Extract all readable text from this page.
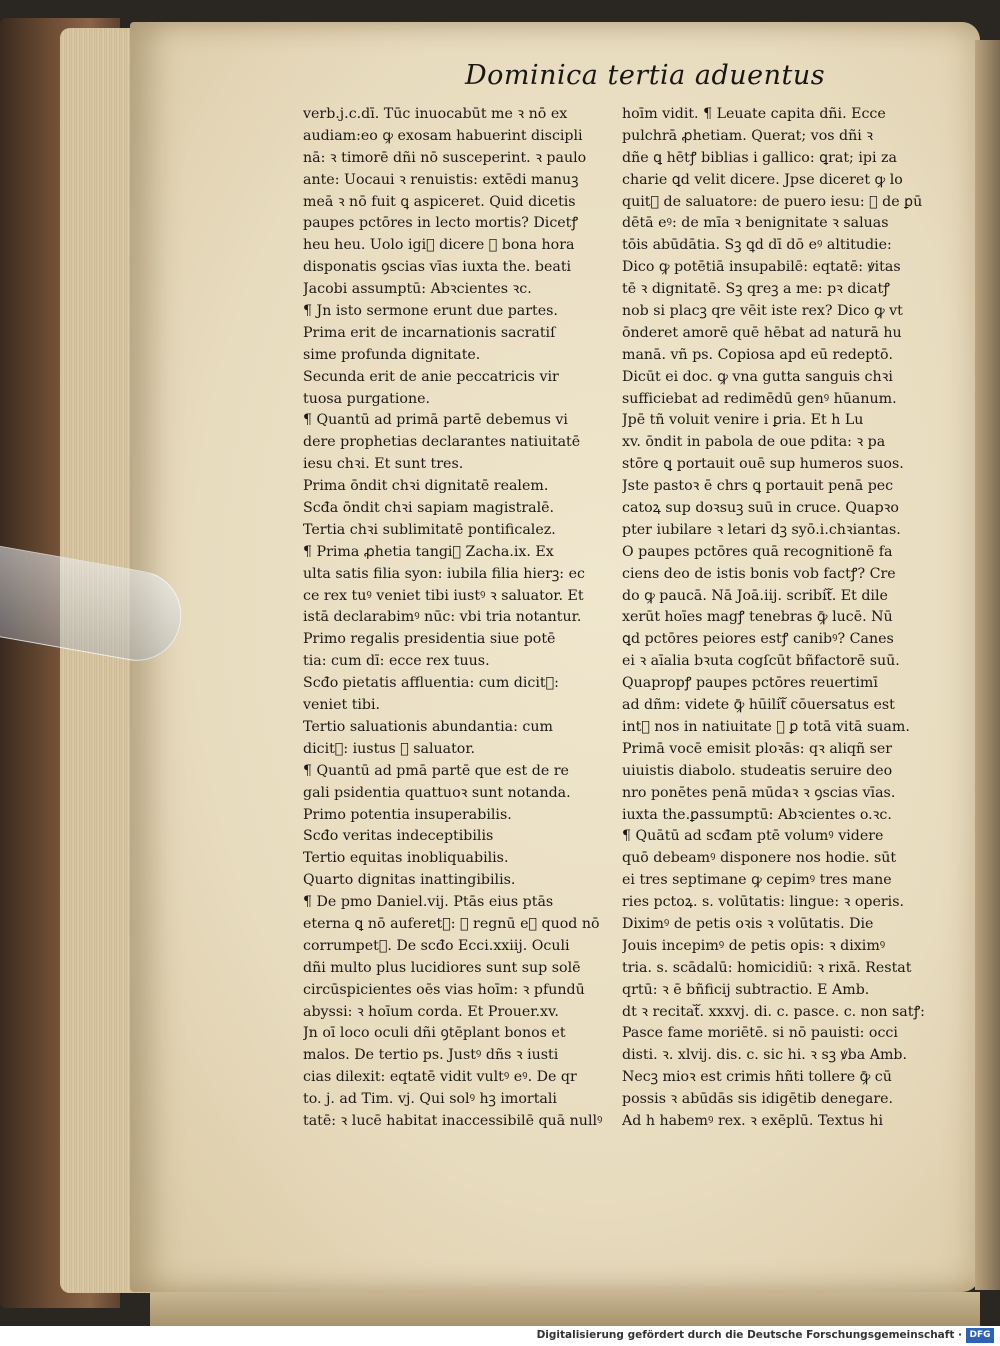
Dominica tertia aduentus
verb.j.c.dī. Tūc inuocabūt me ꝛ nō ex
audiam:eo ꝙ exosam habuerint discipli
nā: ꝛ timorē dñi nō susceperint. ꝛ paulo
ante: Uocaui ꝛ renuistis: extēdi manuꝫ
meā ꝛ nō fuit ꝗ aspiceret. Quid dicetis
paupes pctōres in lecto mortis? Dicetꝭ
heu heu. Uolo igiᷓ dicere ꝙ bona hora
disponatis ꝯscias vīas iuxta the. beati
Jacobi assumptū: Abꝛcientes ꝛc.
¶ Jn isto sermone erunt due partes.
Prima erit de incarnationis sacratiſ
sime profunda dignitate.
Secunda erit de anie peccatricis vir
tuosa purgatione.
¶ Quantū ad primā partē debemus vi
dere prophetias declarantes natiuitatē
iesu chꝛi. Et sunt tres.
Prima ōndit chꝛi dignitatē realem.
Scđa ōndit chꝛi sapiam magistralē.
Tertia chꝛi sublimitatē pontificalez.
¶ Prima ꝓhetia tangiᷓ Zacha.ix. Ex
ulta satis filia syon: iubila filia hierꝫ: ec
ce rex tuꝰ veniet tibi iustꝰ ꝛ saluator. Et
istā declarabimꝰ nūc: vbi tria notantur.
Primo regalis presidentia siue potē
tia: cum dī: ecce rex tuus.
Scđo pietatis affluentia: cum dicitᷓ:
veniet tibi.
Tertio saluationis abundantia: cum
dicitᷓ: iustus ꝛ saluator.
¶ Quantū ad pmā partē que est de re
gali psidentia quattuoꝛ sunt notanda.
Primo potentia insuperabilis.
Scđo veritas indeceptibilis
Tertio equitas inobliquabilis.
Quarto dignitas inattingibilis.
¶ De pmo Daniel.vij. Ptās eius ptās
eterna ꝗ nō auferetᷓ: ꝛ regnū eꝰ quod nō
corrumpetᷓ. De scđo Ecci.xxiij. Oculi
dñi multo plus lucidiores sunt sup solē
circūspicientes oēs vias hoīm: ꝛ pfundū
abyssi: ꝛ hoīum corda. Et Prouer.xv.
Jn oī loco oculi dñi ꝯtēplant bonos et
malos. De tertio ps. Justꝰ dñs ꝛ iusti
cias dilexit: eqtatē vidit vultꝰ eꝰ. De qr
to. j. ad Tim. vj. Qui solꝰ hꝫ imortali
tatē: ꝛ lucē habitat inaccessibilē quā nullꝰ
hoīm vidit. ¶ Leuate capita dñi. Ecce
pulchrā ꝓhetiam. Querat; vos dñi ꝛ
dñe ꝗ hētꝭ biblias i gallico: ꝗrat; ipi za
charie ꝗd velit dicere. Jpse diceret ꝙ lo
quitᷓ de saluatore: de puero iesu: ꝛ de ꝑū
dētā eꝰ: de mīa ꝛ benignitate ꝛ saluas
tōis abūdātia. Sꝫ ꝗd dī dō eꝰ altitudie:
Dico ꝙ potētiā insupabilē: eqtatē: ꝟitas
tē ꝛ dignitatē. Sꝫ qreꝫ a me: pꝛ dicatꝭ
nob si placꝫ qre vēit iste rex? Dico ꝙ vt
ōnderet amorē quē hēbat ad naturā hu
manā. vñ ps. Copiosa apd eū redeptō.
Dicūt ei doc. ꝙ vna gutta sanguis chꝛi
sufficiebat ad redimēdū genꝰ hūanum.
Jpē tñ voluit venire i ꝑria. Et h Lu
xv. ōndit in pabola de oue pdita: ꝛ pa
stōre ꝗ portauit ouē sup humeros suos.
Jste pastoꝛ ē chrs ꝗ portauit penā pec
catoꝝ sup doꝛsuꝫ suū in cruce. Quapꝛo
pter iubilare ꝛ letari dꝫ syō.i.chꝛiantas.
O paupes pctōres quā recognitionē fa
ciens deo de istis bonis vob factꝭ? Cre
do ꝙ paucā. Nā Joā.iij. scribitᷓ. Et dile
xerūt hoīes magꝭ tenebras ꝙ̄ lucē. Nū
ꝗd pctōres peiores estꝭ canibꝰ? Canes
ei ꝛ aīalia bꝛuta cogſcūt bñfactorē suū.
Quapropꝭ paupes pctōres reuertimī
ad dñm: videte ꝙ̄ hūilitᷓ cōuersatus est
intᷓ nos in natiuitate ꝛ ꝑ totā vitā suam.
Primā vocē emisit ploꝛās: qꝛ aliqñ ser
uiuistis diabolo. studeatis seruire deo
nro ponētes penā mūdaꝛ ꝛ ꝯscias vīas.
iuxta the.ꝑassumptū: Abꝛcientes o.ꝛc.
¶ Quātū ad scđam ptē volumꝰ videre
quō debeamꝰ disponere nos hodie. sūt
ei tres septimane ꝙ cepimꝰ tres mane
ries pctoꝝ. s. volūtatis: lingue: ꝛ operis.
Diximꝰ de petis oꝛis ꝛ volūtatis. Die
Jouis incepimꝰ de petis opis: ꝛ diximꝰ
tria. s. scādalū: homicidiū: ꝛ rixā. Restat
qrtū: ꝛ ē bñficij subtractio. E Amb.
dt ꝛ recitatᷓ. xxxvj. di. c. pasce. c. non satꝭ:
Pasce fame moriētē. si nō pauisti: occi
disti. ꝛ. xlvij. dis. c. sic hi. ꝛ sꝫ ꝟba Amb.
Necꝫ mioꝛ est crimis hñti tollere ꝙ̄ cū
possis ꝛ abūdās sis idigētib denegare.
Ad h habemꝰ rex. ꝛ exēplū. Textus hi
Digitalisierung gefördert durch die Deutsche Forschungsgemeinschaft · DFG
